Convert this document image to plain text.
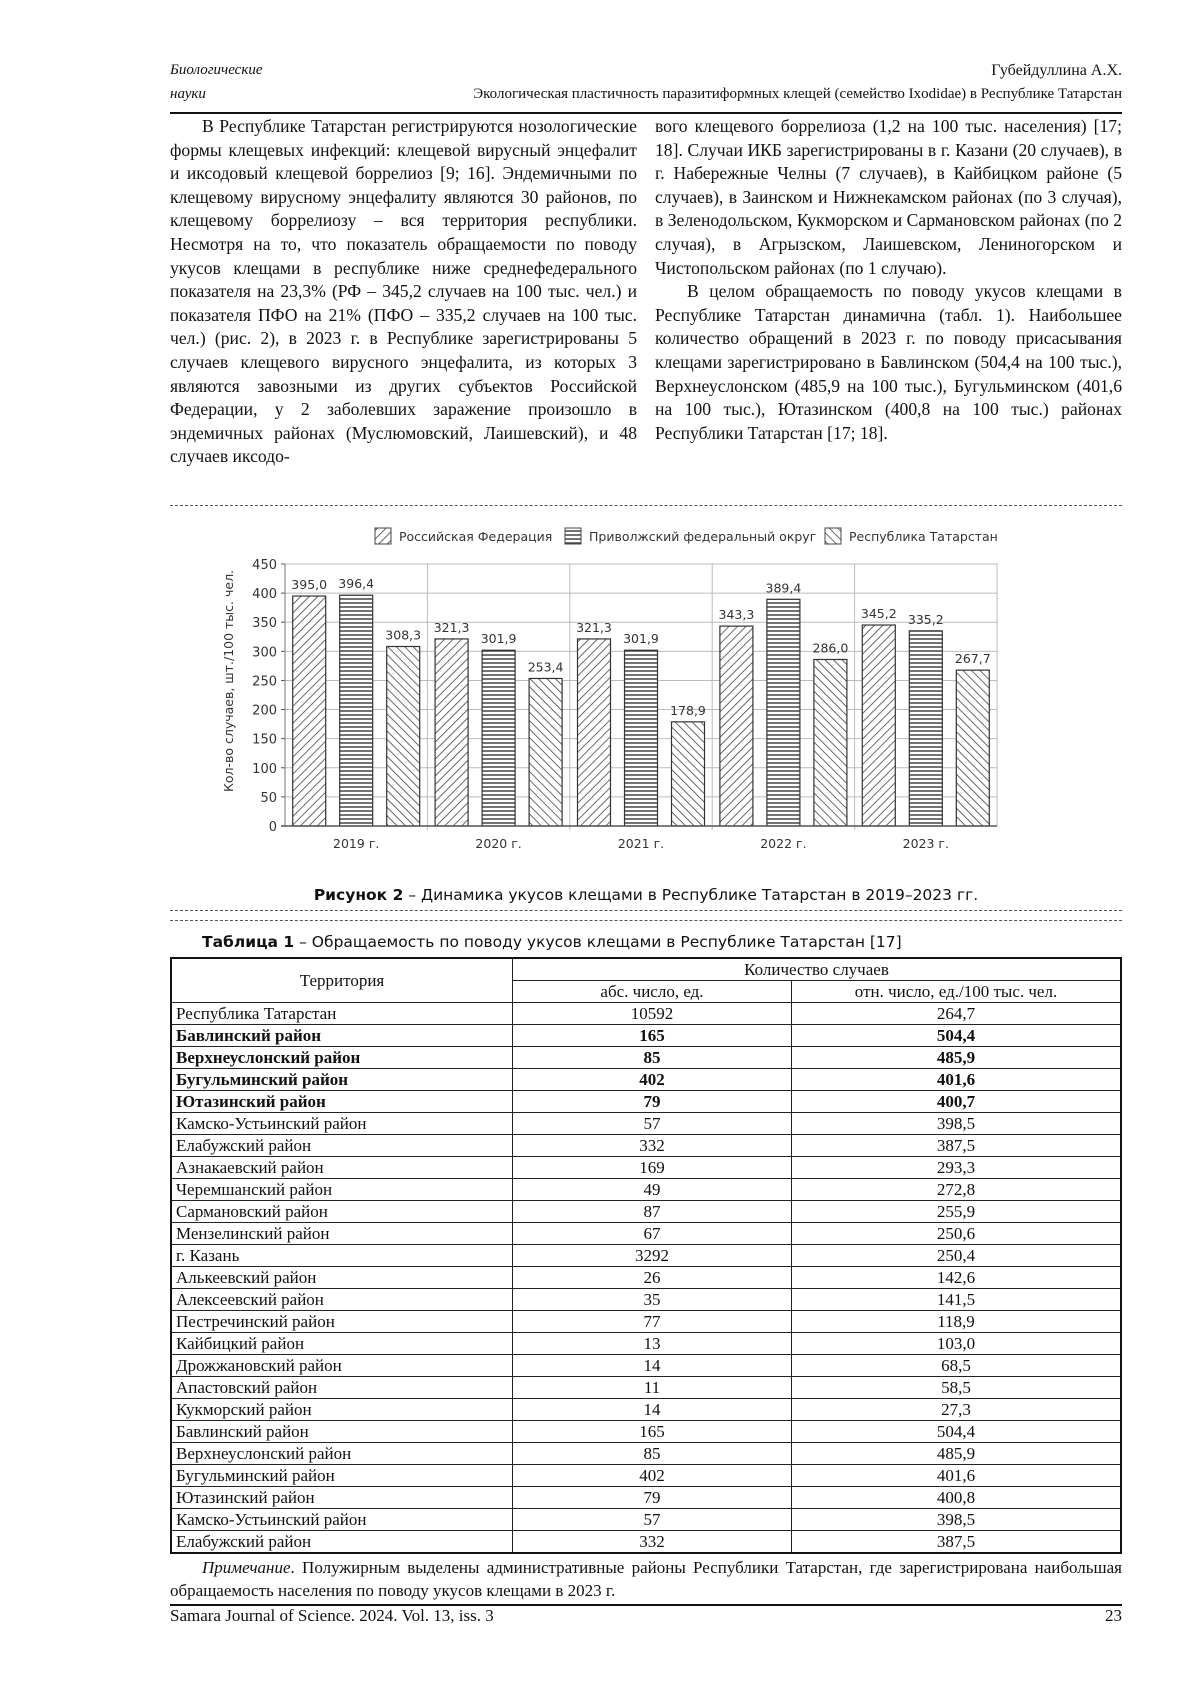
Биологические
науки
Губейдуллина А.Х.
Экологическая пластичность паразитиформных клещей (семейство Ixodidae) в Республике Татарстан

В Республике Татарстан регистрируются нозологические формы клещевых инфекций: клещевой вирусный энцефалит и иксодовый клещевой боррелиоз [9; 16]. Эндемичными по клещевому вирусному энцефалиту являются 30 районов, по клещевому боррелиозу – вся территория республики. Несмотря на то, что показатель обращаемости по поводу укусов клещами в республике ниже среднефедерального показателя на 23,3% (РФ – 345,2 случаев на 100 тыс. чел.) и показателя ПФО на 21% (ПФО – 335,2 случаев на 100 тыс. чел.) (рис. 2), в 2023 г. в Республике зарегистрированы 5 случаев клещевого вирусного энцефалита, из которых 3 являются завозными из других субъектов Российской Федерации, у 2 заболевших заражение произошло в эндемичных районах (Муслюмовский, Лаишевский), и 48 случаев иксодо-

вого клещевого боррелиоза (1,2 на 100 тыс. населения) [17; 18]. Случаи ИКБ зарегистрированы в г. Казани (20 случаев), в г. Набережные Челны (7 случаев), в Кайбицком районе (5 случаев), в Заинском и Нижнекамском районах (по 3 случая), в Зеленодольском, Кукморском и Сармановском районах (по 2 случая), в Агрызском, Лаишевском, Лениногорском и Чистопольском районах (по 1 случаю).

В целом обращаемость по поводу укусов клещами в Республике Татарстан динамична (табл. 1). Наибольшее количество обращений в 2023 г. по поводу присасывания клещами зарегистрировано в Бавлинском (504,4 на 100 тыс.), Верхнеуслонском (485,9 на 100 тыс.), Бугульминском (401,6 на 100 тыс.), Ютазинском (400,8 на 100 тыс.) районах Республики Татарстан [17; 18].

Российская Федерация	Приволжский федеральный округ	Республика Татарстан
395,0
321,3	321,3
343,3	345,2
396,4
301,9	301,9
389,4
335,2
308,3
253,4
178,9
286,0
267,7
0
50
100
150
200
250
300
350
400
450
2019 г.	2020 г.	2021 г.	2022 г.	2023 г.
Кол-во случаев, шт./100 тыс. чел.
Рисунок 2 – Динамика укусов клещами в Республике Татарстан в 2019–2023 гг.
Таблица 1 – Обращаемость по поводу укусов клещами в Республике Татарстан [17]
Территория	Количество случаев	
	абс. число, ед.	отн. число, ед./100 тыс. чел.
Республика Татарстан	10592	264,7
Бавлинский район	165	504,4
Верхнеуслонский район	85	485,9
Бугульминский район	402	401,6
Ютазинский район	79	400,7
Камско-Устьинский район	57	398,5
Елабужский район	332	387,5
Азнакаевский район	169	293,3
Черемшанский район	49	272,8
Сармановский район	87	255,9
Мензелинский район	67	250,6
г. Казань	3292	250,4
Алькеевский район	26	142,6
Алексеевский район	35	141,5
Пестречинский район	77	118,9
Кайбицкий район	13	103,0
Дрожжановский район	14	68,5
Апастовский район	11	58,5
Кукморский район	14	27,3
Бавлинский район	165	504,4
Верхнеуслонский район	85	485,9
Бугульминский район	402	401,6
Ютазинский район	79	400,8
Камско-Устьинский район	57	398,5
Елабужский район	332	387,5

Примечание. Полужирным выделены административные районы Республики Татарстан, где зарегистрирована наибольшая обращаемость населения по поводу укусов клещами в 2023 г.

Samara Journal of Science. 2024. Vol. 13, iss. 3	23
